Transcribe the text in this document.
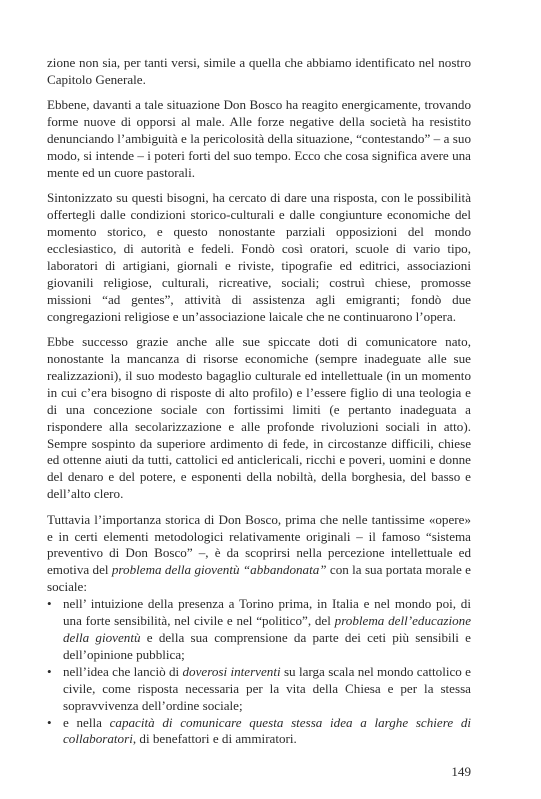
zione non sia, per tanti versi, simile a quella che abbiamo identificato nel nostro Capitolo Generale.

Ebbene, davanti a tale situazione Don Bosco ha reagito energicamente, trovando forme nuove di opporsi al male. Alle forze negative della società ha resistito denunciando l’ambiguità e la pericolosità della situazione, “contestando” – a suo modo, si intende – i poteri forti del suo tempo. Ecco che cosa significa avere una mente ed un cuore pastorali.

Sintonizzato su questi bisogni, ha cercato di dare una risposta, con le possibilità offertegli dalle condizioni storico-culturali e dalle congiunture economiche del momento storico, e questo nonostante parziali opposizioni del mondo ecclesiastico, di autorità e fedeli. Fondò così oratori, scuole di vario tipo, laboratori di artigiani, giornali e riviste, tipografie ed editrici, associazioni giovanili religiose, culturali, ricreative, sociali; costruì chiese, promosse missioni “ad gentes”, attività di assistenza agli emigranti; fondò due congregazioni religiose e un’associazione laicale che ne continuarono l’opera.

Ebbe successo grazie anche alle sue spiccate doti di comunicatore nato, nonostante la mancanza di risorse economiche (sempre inadeguate alle sue realizzazioni), il suo modesto bagaglio culturale ed intellettuale (in un momento in cui c’era bisogno di risposte di alto profilo) e l’essere figlio di una teologia e di una concezione sociale con fortissimi limiti (e pertanto inadeguata a rispondere alla secolarizzazione e alle profonde rivoluzioni sociali in atto). Sempre sospinto da superiore ardimento di fede, in circostanze difficili, chiese ed ottenne aiuti da tutti, cattolici ed anticlericali, ricchi e poveri, uomini e donne del denaro e del potere, e esponenti della nobiltà, della borghesia, del basso e dell’alto clero.

Tuttavia l’importanza storica di Don Bosco, prima che nelle tantissime «opere» e in certi elementi metodologici relativamente originali – il famoso “sistema preventivo di Don Bosco” –, è da scoprirsi nella percezione intellettuale ed emotiva del problema della gioventù “abbandonata” con la sua portata morale e sociale:

• nell’ intuizione della presenza a Torino prima, in Italia e nel mondo poi, di una forte sensibilità, nel civile e nel “politico”, del problema dell’educazione della gioventù e della sua comprensione da parte dei ceti più sensibili e dell’opinione pubblica;
• nell’idea che lanciò di doverosi interventi su larga scala nel mondo cattolico e civile, come risposta necessaria per la vita della Chiesa e per la stessa sopravvivenza dell’ordine sociale;
• e nella capacità di comunicare questa stessa idea a larghe schiere di collaboratori, di benefattori e di ammiratori.
149
